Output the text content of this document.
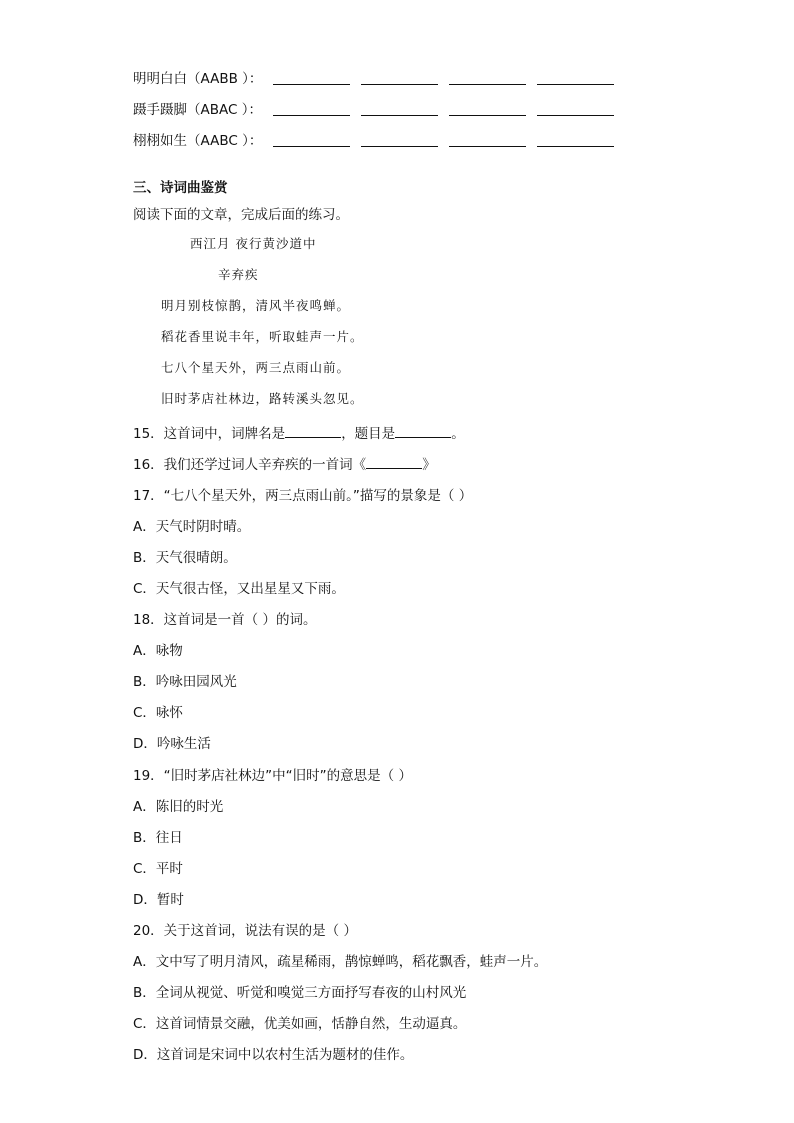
明明白白（AABB ）：
蹑手蹑脚（ABAC ）：
栩栩如生（AABC ）：
三、诗词曲鉴赏
阅读下面的文章，完成后面的练习。
西江月 夜行黄沙道中
辛弃疾
明月别枝惊鹊，清风半夜鸣蝉。
稻花香里说丰年，听取蛙声一片。
七八个星天外，两三点雨山前。
旧时茅店社林边，路转溪头忽见。
15．这首词中，词牌名是	，题目是	。
16．我们还学过词人辛弃疾的一首词《	》
17．“七八个星天外，两三点雨山前。”描写的景象是（ ）
A．天气时阴时晴。
B．天气很晴朗。
C．天气很古怪，又出星星又下雨。
18．这首词是一首（ ）的词。
A．咏物
B．吟咏田园风光
C．咏怀
D．吟咏生活
19．“旧时茅店社林边”中“旧时”的意思是（ ）
A．陈旧的时光
B．往日
C．平时
D．暂时
20．关于这首词，说法有误的是（ ）
A．文中写了明月清风，疏星稀雨，鹊惊蝉鸣，稻花飘香，蛙声一片。
B．全词从视觉、听觉和嗅觉三方面抒写春夜的山村风光
C．这首词情景交融，优美如画，恬静自然，生动逼真。
D．这首词是宋词中以农村生活为题材的佳作。
